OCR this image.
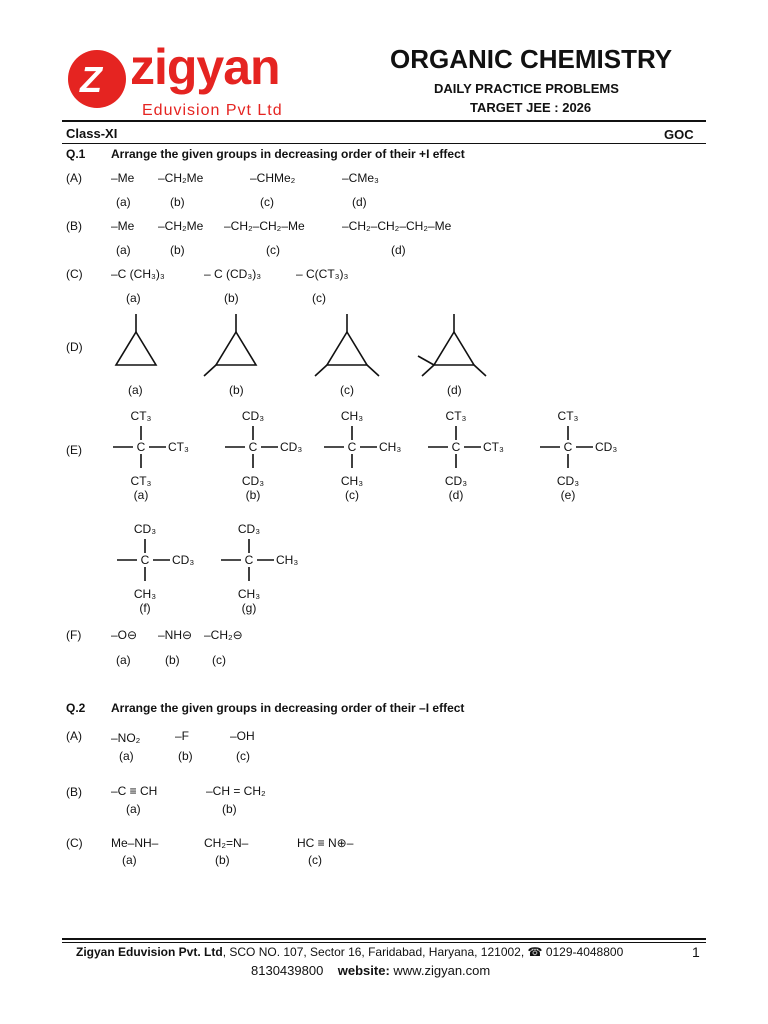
Z zigyan
Eduvision Pvt Ltd
ORGANIC CHEMISTRY
DAILY PRACTICE PROBLEMS
TARGET JEE : 2026
Class-XI	GOC
Q.1 Arrange the given groups in decreasing order of their +I effect
(A) –Me –CH₂Me	–CHMe₂	–CMe₃
(a)	(b)	(c)	(d)
(B) –Me –CH₂Me –CH₂–CH₂–Me	–CH₂–CH₂–CH₂–Me
(a)	(b)	(c)	(d)
(C) –C (CH₃)₃	– C (CD₃)₃	– C(CT₃)₃
(a)	(b)	(c)
(D)
(a)	(b)	(c)	(d)
(E)	C
CT₃
CT₃
CT₃
(a)
C
CD₃
CD₃
CD₃
(b)
C
CH₃
CH₃
CH₃
(c)
C
CT₃
CT₃
CD₃
(d)
C
CT₃
CD₃
CD₃
(e)
C
CD₃
CD₃
CH₃
(f)
C
CD₃
CH₃
CH₃
(g)
(F) –O⊖ –NH⊖ –CH₂⊖
(a)	(b)	(c)
Q.2 Arrange the given groups in decreasing order of their –I effect
(A) –NO₂	–F	–OH
(a)	(b)	(c)
(B) –C ≡ CH	–CH = CH₂
(a)	(b)
(C) Me–NH–	CH₂=N–	HC ≡ N⊕–
(a)	(b)	(c)
Zigyan Eduvision Pvt. Ltd, SCO NO. 107, Sector 16, Faridabad, Haryana, 121002, ☎ 0129-4048800	1
8130439800 website: www.zigyan.com
